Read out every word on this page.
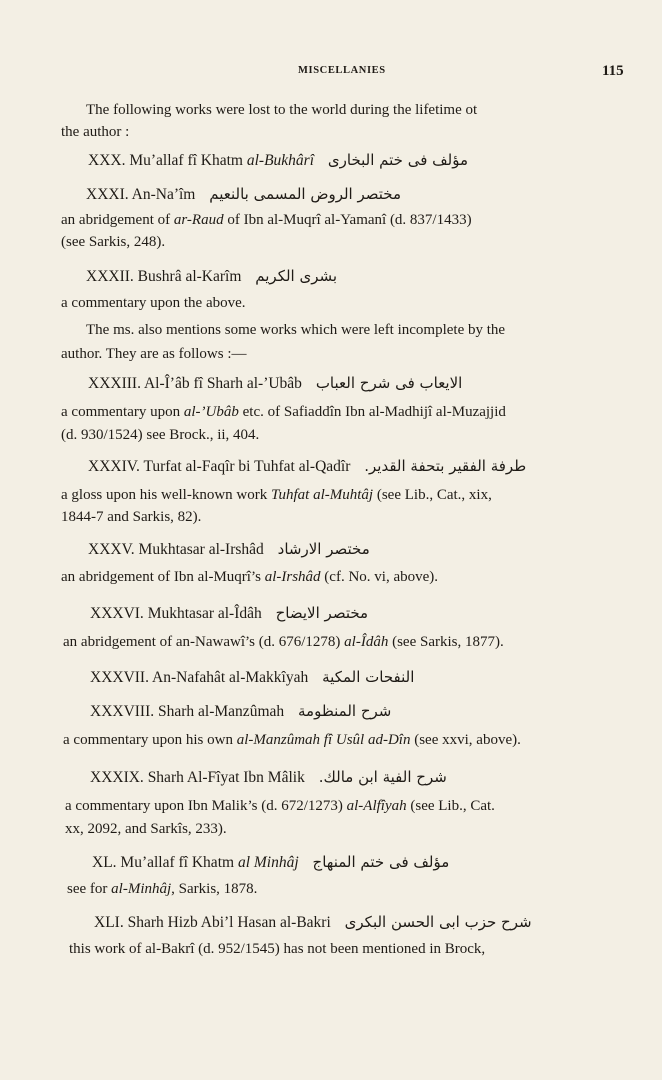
MISCELLANIES	115
The following works were lost to the world during the lifetime ot
the author :
XXX. Mu’allaf fî Khatm al-Bukhârî مؤلف فى ختم البخارى
XXXI. An-Na’îm مختصر الروض المسمى بالنعيم
an abridgement of ar-Raud of Ibn al-Muqrî al-Yamanî (d. 837/1433)
(see Sarkis, 248).
XXXII. Bushrâ al-Karîm بشرى الكريم
a commentary upon the above.
The ms. also mentions some works which were left incomplete by the
author. They are as follows :—
XXXIII. Al-Î’âb fî Sharh al-’Ubâb الايعاب فى شرح العباب
a commentary upon al-’Ubâb etc. of Safiaddîn Ibn al-Madhijî al-Muzajjid
(d. 930/1524) see Brock., ii, 404.
XXXIV. Turfat al-Faqîr bi Tuhfat al-Qadîr طرفة الفقير بتحفة القدير.
a gloss upon his well-known work Tuhfat al-Muhtâj (see Lib., Cat., xix,
1844-7 and Sarkis, 82).
XXXV. Mukhtasar al-Irshâd مختصر الارشاد
an abridgement of Ibn al-Muqrî’s al-Irshâd (cf. No. vi, above).
XXXVI. Mukhtasar al-Îdâh مختصر الايضاح
an abridgement of an-Nawawî’s (d. 676/1278) al-Îdâh (see Sarkis, 1877).
XXXVII. An-Nafahât al-Makkîyah النفحات المكية
XXXVIII. Sharh al-Manzûmah شرح المنظومة
a commentary upon his own al-Manzûmah fî Usûl ad-Dîn (see xxvi, above).
XXXIX. Sharh Al-Fîyat Ibn Mâlik شرح الفية ابن مالك.
a commentary upon Ibn Malik’s (d. 672/1273) al-Alfîyah (see Lib., Cat.
xx, 2092, and Sarkîs, 233).
XL. Mu’allaf fî Khatm al Minhâj مؤلف فى ختم المنهاج
see for al-Minhâj, Sarkis, 1878.
XLI. Sharh Hizb Abi’l Hasan al-Bakri شرح حزب ابى الحسن البكرى
this work of al-Bakrî (d. 952/1545) has not been mentioned in Brock,
